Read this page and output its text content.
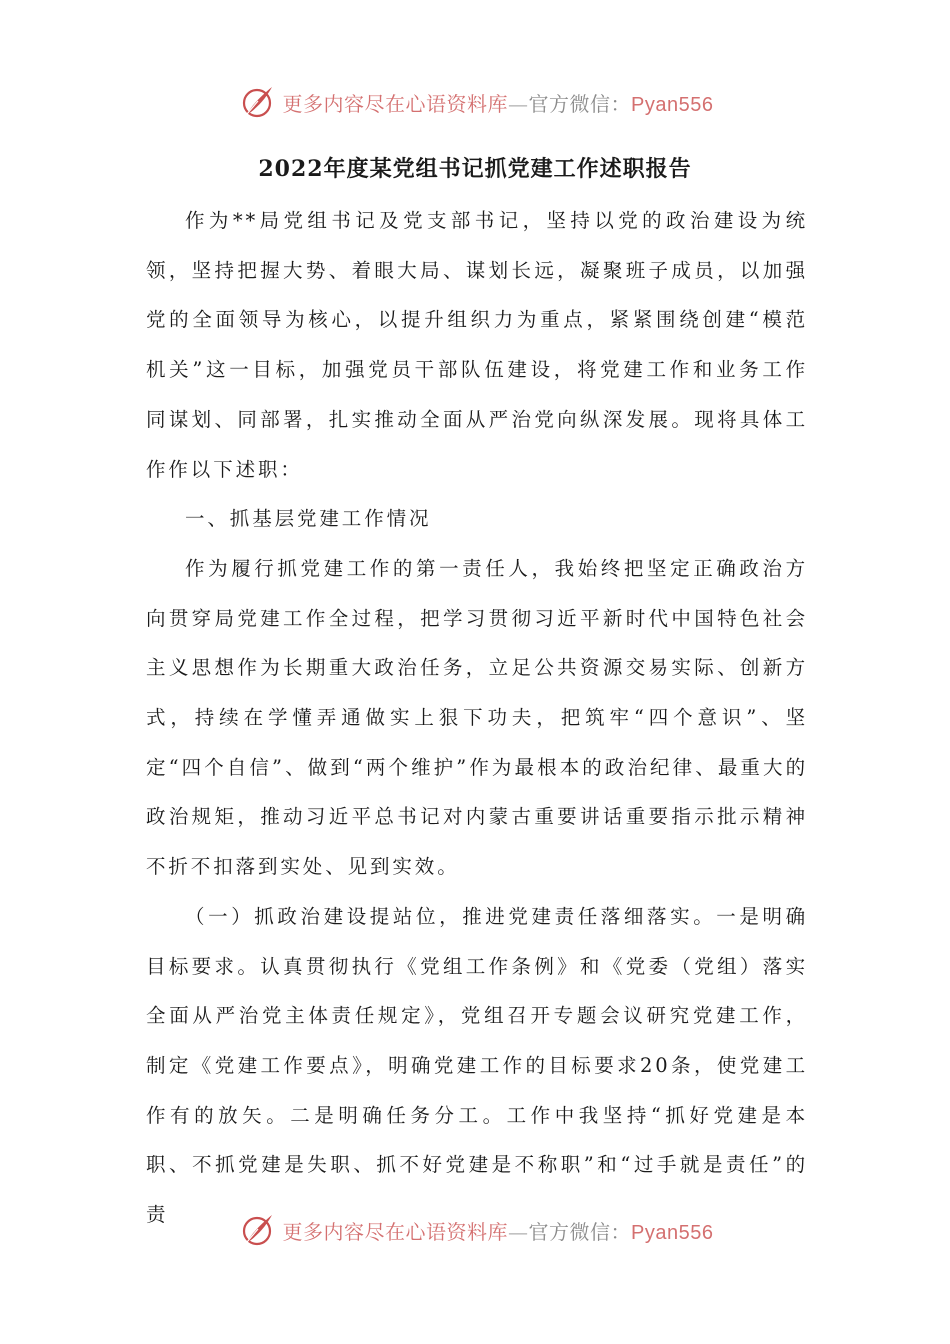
更多内容尽在心语资料库—官方微信：Pyan556
2022年度某党组书记抓党建工作述职报告

作为**局党组书记及党支部书记，坚持以党的政治建设为统领，坚持把握大势、着眼大局、谋划长远，凝聚班子成员，以加强党的全面领导为核心，以提升组织力为重点，紧紧围绕创建“模范机关”这一目标，加强党员干部队伍建设，将党建工作和业务工作同谋划、同部署，扎实推动全面从严治党向纵深发展。现将具体工作作以下述职：

一、抓基层党建工作情况

作为履行抓党建工作的第一责任人，我始终把坚定正确政治方向贯穿局党建工作全过程，把学习贯彻习近平新时代中国特色社会主义思想作为长期重大政治任务，立足公共资源交易实际、创新方式，持续在学懂弄通做实上狠下功夫，把筑牢“四个意识”、坚定“四个自信”、做到“两个维护”作为最根本的政治纪律、最重大的政治规矩，推动习近平总书记对内蒙古重要讲话重要指示批示精神不折不扣落到实处、见到实效。

（一）抓政治建设提站位，推进党建责任落细落实。一是明确目标要求。认真贯彻执行《党组工作条例》和《党委（党组）落实全面从严治党主体责任规定》，党组召开专题会议研究党建工作，制定《党建工作要点》，明确党建工作的目标要求20条，使党建工作有的放矢。二是明确任务分工。工作中我坚持“抓好党建是本职、不抓党建是失职、抓不好党建是不称职”和“过手就是责任”的责

更多内容尽在心语资料库—官方微信：Pyan556
